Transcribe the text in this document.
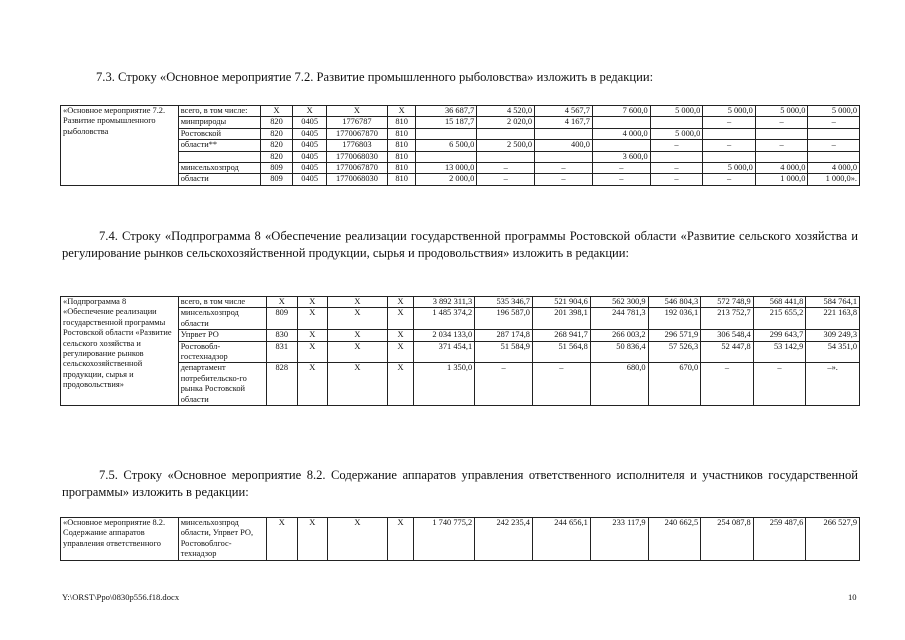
7.3. Строку «Основное мероприятие 7.2. Развитие промышленного рыболовства» изложить в редакции:
«Основное мероприятие 7.2. Развитие промышленного рыболовства	всего, в том числе:	X	X	X	X	36 687,7	4 520,0	4 567,7	7 600,0	5 000,0	5 000,0	5 000,0	5 000,0
	минприроды	820	0405	1776787	810	15 187,7	2 020,0	4 167,7			–	–	–
	Ростовской	820	0405	1770067870	810				4 000,0	5 000,0			
	области**	820	0405	1776803	810	6 500,0	2 500,0	400,0		–	–	–	–
		820	0405	1770068030	810				3 600,0				
	минсельхозпрод	809	0405	1770067870	810	13 000,0	–	–	–	–	5 000,0	4 000,0	4 000,0
	области	809	0405	1770068030	810	2 000,0	–	–	–	–	–	1 000,0	1 000,0».
7.4. Строку «Подпрограмма 8 «Обеспечение реализации государственной программы Ростовской области «Развитие сельского хозяйства и регулирование рынков сельскохозяйственной продукции, сырья и продовольствия» изложить в редакции:
«Подпрограмма 8 «Обеспечение реализации государственной программы Ростовской области «Развитие сельского хозяйства и регулирование рынков сельскохозяйственной продукции, сырья и продовольствия»	всего, в том числе	X	X	X	X	3 892 311,3	535 346,7	521 904,6	562 300,9	546 804,3	572 748,9	568 441,8	584 764,1
	минсельхозпрод области	809	X	X	X	1 485 374,2	196 587,0	201 398,1	244 781,3	192 036,1	213 752,7	215 655,2	221 163,8
	Упрвет РО	830	X	X	X	2 034 133,0	287 174,8	268 941,7	266 003,2	296 571,9	306 548,4	299 643,7	309 249,3
	Ростовобл-гостехнадзор	831	X	X	X	371 454,1	51 584,9	51 564,8	50 836,4	57 526,3	52 447,8	53 142,9	54 351,0
	департамент потребительско-го рынка Ростовской области	828	X	X	X	1 350,0	–	–	680,0	670,0	–	–	–».
7.5. Строку «Основное мероприятие 8.2. Содержание аппаратов управления ответственного исполнителя и участников государственной программы» изложить в редакции:
«Основное мероприятие 8.2. Содержание аппаратов управления ответственного	минсельхозпрод области, Упрвет РО, Ростовоблгос-технадзор	X	X	X	X	1 740 775,2	242 235,4	244 656,1	233 117,9	240 662,5	254 087,8	259 487,6	266 527,9
Y:\ORST\Ppo\0830p556.f18.docx	10
